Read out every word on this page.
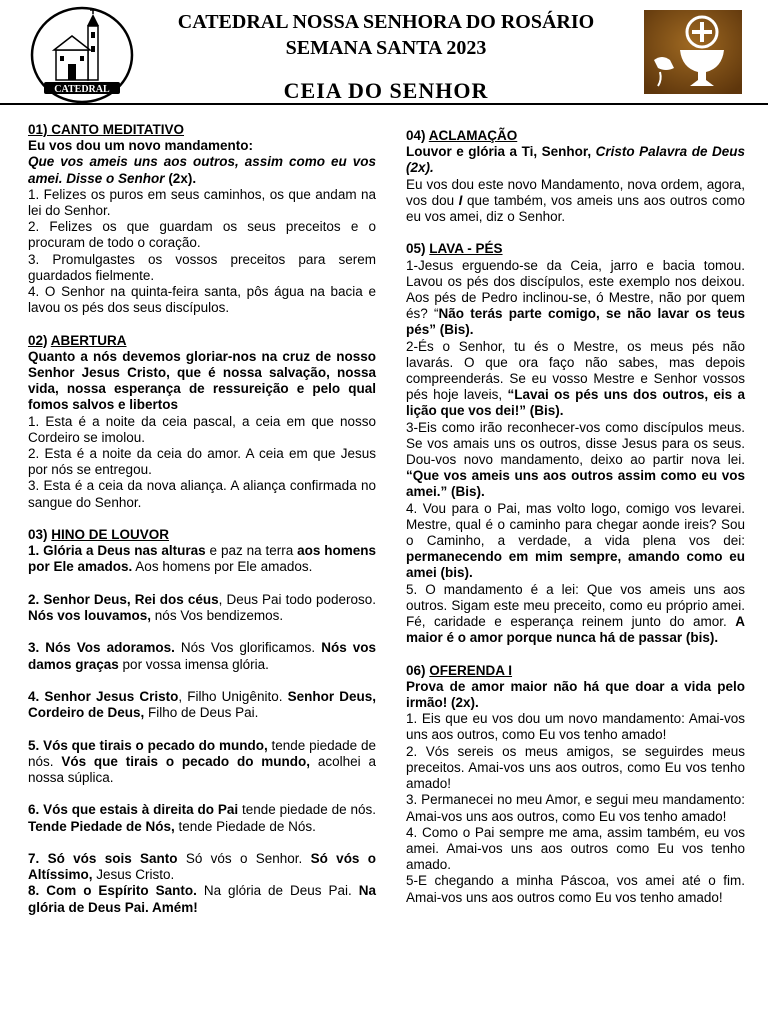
CATEDRAL
CATEDRAL NOSSA SENHORA DO ROSÁRIO
SEMANA SANTA 2023
CEIA DO SENHOR

01) CANTO MEDITATIVO

Eu vos dou um novo mandamento:

Que vos ameis uns aos outros, assim como eu vos amei. Disse o Senhor (2x).

1. Felizes os puros em seus caminhos, os que andam na lei do Senhor.

2. Felizes os que guardam os seus preceitos e o procuram de todo o coração.

3. Promulgastes os vossos preceitos para serem guardados fielmente.

4. O Senhor na quinta-feira santa, pôs água na bacia e lavou os pés dos seus discípulos.

02) ABERTURA

Quanto a nós devemos gloriar-nos na cruz de nosso Senhor Jesus Cristo, que é nossa salvação, nossa vida, nossa esperança de ressureição e pelo qual fomos salvos e libertos

1. Esta é a noite da ceia pascal, a ceia em que nosso Cordeiro se imolou.

2. Esta é a noite da ceia do amor. A ceia em que Jesus por nós se entregou.

3. Esta é a ceia da nova aliança. A aliança confirmada no sangue do Senhor.

03) HINO DE LOUVOR

1. Glória a Deus nas alturas e paz na terra aos homens por Ele amados. Aos homens por Ele amados.

2. Senhor Deus, Rei dos céus, Deus Pai todo poderoso. Nós vos louvamos, nós Vos bendizemos.

3. Nós Vos adoramos. Nós Vos glorificamos. Nós vos damos graças por vossa imensa glória.

4. Senhor Jesus Cristo, Filho Unigênito. Senhor Deus, Cordeiro de Deus, Filho de Deus Pai.

5. Vós que tirais o pecado do mundo, tende piedade de nós. Vós que tirais o pecado do mundo, acolhei a nossa súplica.

6. Vós que estais à direita do Pai tende piedade de nós. Tende Piedade de Nós, tende Piedade de Nós.

7. Só vós sois Santo Só vós o Senhor. Só vós o Altíssimo, Jesus Cristo.

8. Com o Espírito Santo. Na glória de Deus Pai. Na glória de Deus Pai. Amém!

04) ACLAMAÇÃO

Louvor e glória a Ti, Senhor, Cristo Palavra de Deus (2x).

Eu vos dou este novo Mandamento, nova ordem, agora, vos dou I que também, vos ameis uns aos outros como eu vos amei, diz o Senhor.

05) LAVA - PÉS

1-Jesus erguendo-se da Ceia, jarro e bacia tomou. Lavou os pés dos discípulos, este exemplo nos deixou. Aos pés de Pedro inclinou-se, ó Mestre, não por quem és? “Não terás parte comigo, se não lavar os teus pés” (Bis).

2-És o Senhor, tu és o Mestre, os meus pés não lavarás. O que ora faço não sabes, mas depois compreenderás. Se eu vosso Mestre e Senhor vossos pés hoje laveis, “Lavai os pés uns dos outros, eis a lição que vos dei!” (Bis).

3-Eis como irão reconhecer-vos como discípulos meus. Se vos amais uns os outros, disse Jesus para os seus. Dou-vos novo mandamento, deixo ao partir nova lei. “Que vos ameis uns aos outros assim como eu vos amei.” (Bis).

4. Vou para o Pai, mas volto logo, comigo vos levarei. Mestre, qual é o caminho para chegar aonde ireis? Sou o Caminho, a verdade, a vida plena vos dei: permanecendo em mim sempre, amando como eu amei (bis).

5. O mandamento é a lei: Que vos ameis uns aos outros. Sigam este meu preceito, como eu próprio amei. Fé, caridade e esperança reinem junto do amor. A maior é o amor porque nunca há de passar (bis).

06) OFERENDA I

Prova de amor maior não há que doar a vida pelo irmão! (2x).

1. Eis que eu vos dou um novo mandamento: Amai-vos uns aos outros, como Eu vos tenho amado!

2. Vós sereis os meus amigos, se seguirdes meus preceitos. Amai-vos uns aos outros, como Eu vos tenho amado!

3. Permanecei no meu Amor, e segui meu mandamento: Amai-vos uns aos outros, como Eu vos tenho amado!

4. Como o Pai sempre me ama, assim também, eu vos amei. Amai-vos uns aos outros como Eu vos tenho amado.

5-E chegando a minha Páscoa, vos amei até o fim. Amai-vos uns aos outros como Eu vos tenho amado!
